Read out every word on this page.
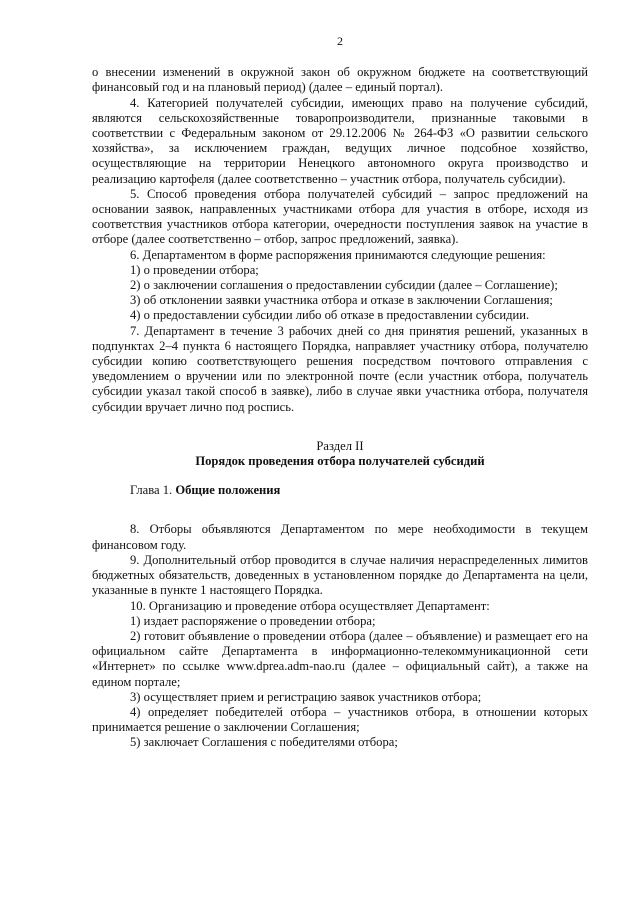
2

о внесении изменений в окружной закон об окружном бюджете на соответствующий финансовый год и на плановый период) (далее – единый портал).

4. Категорией получателей субсидии, имеющих право на получение субсидий, являются сельскохозяйственные товаропроизводители, признанные таковыми в соответствии с Федеральным законом от 29.12.2006 № 264-ФЗ «О развитии сельского хозяйства», за исключением граждан, ведущих личное подсобное хозяйство, осуществляющие на территории Ненецкого автономного округа производство и реализацию картофеля (далее соответственно – участник отбора, получатель субсидии).

5. Способ проведения отбора получателей субсидий – запрос предложений на основании заявок, направленных участниками отбора для участия в отборе, исходя из соответствия участников отбора категории, очередности поступления заявок на участие в отборе (далее соответственно – отбор, запрос предложений, заявка).

6. Департаментом в форме распоряжения принимаются следующие решения:

1) о проведении отбора;

2) о заключении соглашения о предоставлении субсидии (далее – Соглашение);

3) об отклонении заявки участника отбора и отказе в заключении Соглашения;

4) о предоставлении субсидии либо об отказе в предоставлении субсидии.

7. Департамент в течение 3 рабочих дней со дня принятия решений, указанных в подпунктах 2–4 пункта 6 настоящего Порядка, направляет участнику отбора, получателю субсидии копию соответствующего решения посредством почтового отправления с уведомлением о вручении или по электронной почте (если участник отбора, получатель субсидии указал такой способ в заявке), либо в случае явки участника отбора, получателя субсидии вручает лично под роспись.

Раздел II

Порядок проведения отбора получателей субсидий

Глава 1. Общие положения

8. Отборы объявляются Департаментом по мере необходимости в текущем финансовом году.

9. Дополнительный отбор проводится в случае наличия нераспределенных лимитов бюджетных обязательств, доведенных в установленном порядке до Департамента на цели, указанные в пункте 1 настоящего Порядка.

10. Организацию и проведение отбора осуществляет Департамент:

1) издает распоряжение о проведении отбора;

2) готовит объявление о проведении отбора (далее – объявление) и размещает его на официальном сайте Департамента в информационно-телекоммуникационной сети «Интернет» по ссылке www.dprea.adm-nao.ru (далее – официальный сайт), а также на едином портале;

3) осуществляет прием и регистрацию заявок участников отбора;

4) определяет победителей отбора – участников отбора, в отношении которых принимается решение о заключении Соглашения;

5) заключает Соглашения с победителями отбора;
